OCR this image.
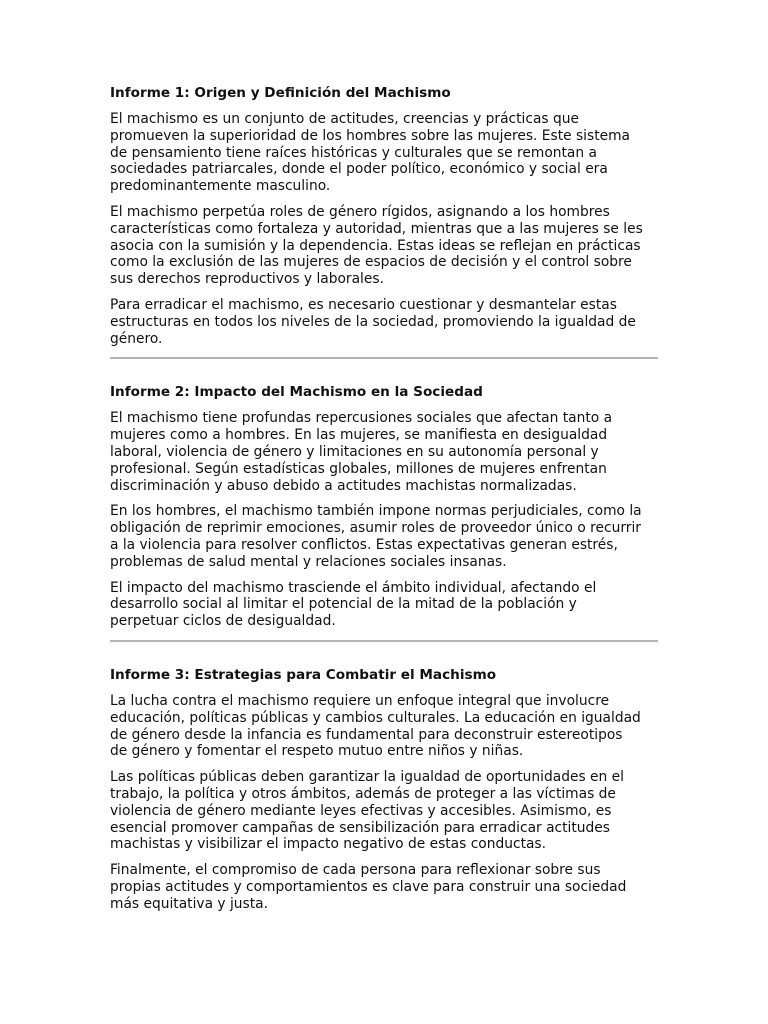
Informe 1: Origen y Definición del Machismo

El machismo es un conjunto de actitudes, creencias y prácticas que
promueven la superioridad de los hombres sobre las mujeres. Este sistema
de pensamiento tiene raíces históricas y culturales que se remontan a
sociedades patriarcales, donde el poder político, económico y social era
predominantemente masculino.

El machismo perpetúa roles de género rígidos, asignando a los hombres
características como fortaleza y autoridad, mientras que a las mujeres se les
asocia con la sumisión y la dependencia. Estas ideas se reflejan en prácticas
como la exclusión de las mujeres de espacios de decisión y el control sobre
sus derechos reproductivos y laborales.

Para erradicar el machismo, es necesario cuestionar y desmantelar estas
estructuras en todos los niveles de la sociedad, promoviendo la igualdad de
género.

Informe 2: Impacto del Machismo en la Sociedad

El machismo tiene profundas repercusiones sociales que afectan tanto a
mujeres como a hombres. En las mujeres, se manifiesta en desigualdad
laboral, violencia de género y limitaciones en su autonomía personal y
profesional. Según estadísticas globales, millones de mujeres enfrentan
discriminación y abuso debido a actitudes machistas normalizadas.

En los hombres, el machismo también impone normas perjudiciales, como la
obligación de reprimir emociones, asumir roles de proveedor único o recurrir
a la violencia para resolver conflictos. Estas expectativas generan estrés,
problemas de salud mental y relaciones sociales insanas.

El impacto del machismo trasciende el ámbito individual, afectando el
desarrollo social al limitar el potencial de la mitad de la población y
perpetuar ciclos de desigualdad.

Informe 3: Estrategias para Combatir el Machismo

La lucha contra el machismo requiere un enfoque integral que involucre
educación, políticas públicas y cambios culturales. La educación en igualdad
de género desde la infancia es fundamental para deconstruir estereotipos
de género y fomentar el respeto mutuo entre niños y niñas.

Las políticas públicas deben garantizar la igualdad de oportunidades en el
trabajo, la política y otros ámbitos, además de proteger a las víctimas de
violencia de género mediante leyes efectivas y accesibles. Asimismo, es
esencial promover campañas de sensibilización para erradicar actitudes
machistas y visibilizar el impacto negativo de estas conductas.

Finalmente, el compromiso de cada persona para reflexionar sobre sus
propias actitudes y comportamientos es clave para construir una sociedad
más equitativa y justa.
